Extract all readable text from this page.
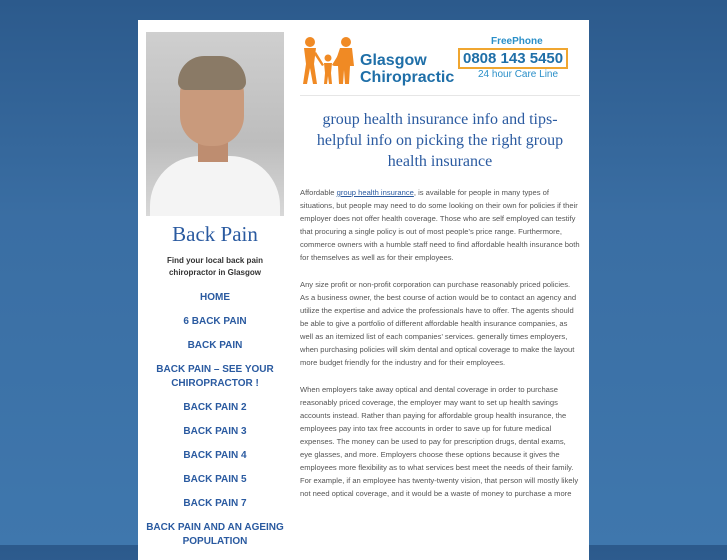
Back Pain
Find your local back pain chiropractor in Glasgow
HOME
6 BACK PAIN
BACK PAIN
BACK PAIN – SEE YOUR CHIROPRACTOR !
BACK PAIN 2
BACK PAIN 3
BACK PAIN 4
BACK PAIN 5
BACK PAIN 7
BACK PAIN AND AN AGEING POPULATION
Glasgow
Chiropractic
FreePhone
0808 143 5450
24 hour Care Line
group health insurance info and tips- helpful info on picking the right group health insurance

Affordable group health insurance, is available for people in many types of situations, but people may need to do some looking on their own for policies if their employer does not offer health coverage. Those who are self employed can testify that procuring a single policy is out of most people’s price range. Furthermore, commerce owners with a humble staff need to find affordable health insurance both for themselves as well as for their employees.

Any size profit or non-profit corporation can purchase reasonably priced policies. As a business owner, the best course of action would be to contact an agency and utilize the expertise and advice the professionals have to offer. The agents should be able to give a portfolio of different affordable health insurance companies, as well as an itemized list of each companies’ services. generally times employers, when purchasing policies will skim dental and optical coverage to make the layout more budget friendly for the industry and for their employees.

When employers take away optical and dental coverage in order to purchase reasonably priced coverage, the employer may want to set up health savings accounts instead. Rather than paying for affordable group health insurance, the employees pay into tax free accounts in order to save up for future medical expenses. The money can be used to pay for prescription drugs, dental exams, eye glasses, and more. Employers choose these options because it gives the employees more flexibility as to what services best meet the needs of their family. For example, if an employee has twenty-twenty vision, that person will mostly likely not need optical coverage, and it would be a waste of money to purchase a more
